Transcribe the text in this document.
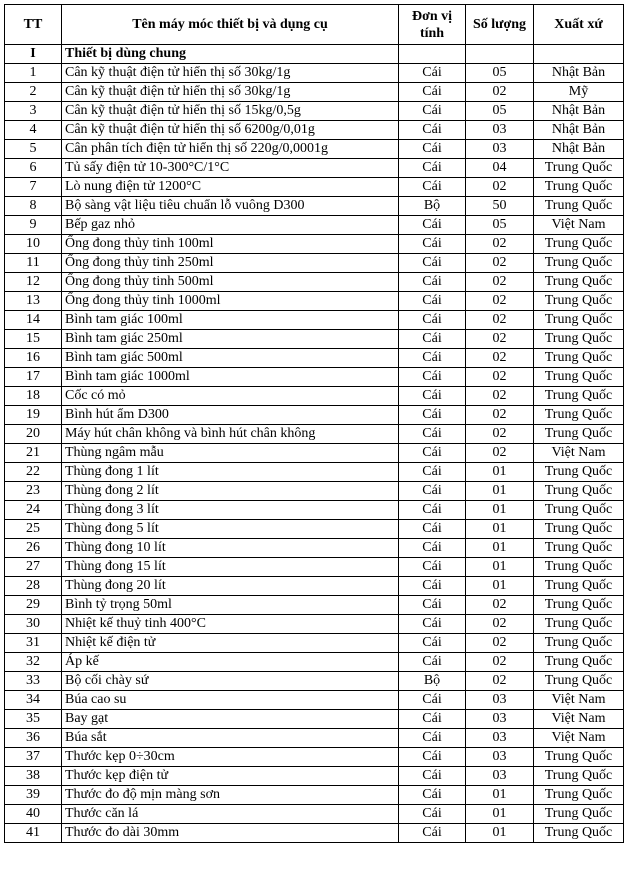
TT	Tên máy móc thiết bị và dụng cụ	Đơn vị tính	Số lượng	Xuất xứ
I	Thiết bị dùng chung			
1	Cân kỹ thuật điện tử hiển thị số 30kg/1g	Cái	05	Nhật Bản
2	Cân kỹ thuật điện tử hiển thị số 30kg/1g	Cái	02	Mỹ
3	Cân kỹ thuật điện tử hiển thị số 15kg/0,5g	Cái	05	Nhật Bản
4	Cân kỹ thuật điện tử hiển thị số 6200g/0,01g	Cái	03	Nhật Bản
5	Cân phân tích điện tử hiển thị số 220g/0,0001g	Cái	03	Nhật Bản
6	Tủ sấy điện tử 10-300°C/1°C	Cái	04	Trung Quốc
7	Lò nung điện tử 1200°C	Cái	02	Trung Quốc
8	Bộ sàng vật liệu tiêu chuẩn lỗ vuông D300	Bộ	50	Trung Quốc
9	Bếp gaz nhỏ	Cái	05	Việt Nam
10	Ống đong thủy tinh 100ml	Cái	02	Trung Quốc
11	Ống đong thủy tinh 250ml	Cái	02	Trung Quốc
12	Ống đong thủy tinh 500ml	Cái	02	Trung Quốc
13	Ống đong thủy tinh 1000ml	Cái	02	Trung Quốc
14	Bình tam giác 100ml	Cái	02	Trung Quốc
15	Bình tam giác 250ml	Cái	02	Trung Quốc
16	Bình tam giác 500ml	Cái	02	Trung Quốc
17	Bình tam giác 1000ml	Cái	02	Trung Quốc
18	Cốc có mỏ	Cái	02	Trung Quốc
19	Bình hút ẩm D300	Cái	02	Trung Quốc
20	Máy hút chân không và bình hút chân không	Cái	02	Trung Quốc
21	Thùng ngâm mẫu	Cái	02	Việt Nam
22	Thùng đong 1 lít	Cái	01	Trung Quốc
23	Thùng đong 2 lít	Cái	01	Trung Quốc
24	Thùng đong 3 lít	Cái	01	Trung Quốc
25	Thùng đong 5 lít	Cái	01	Trung Quốc
26	Thùng đong 10 lít	Cái	01	Trung Quốc
27	Thùng đong 15 lít	Cái	01	Trung Quốc
28	Thùng đong 20 lít	Cái	01	Trung Quốc
29	Bình tỷ trọng 50ml	Cái	02	Trung Quốc
30	Nhiệt kế thuỷ tinh 400°C	Cái	02	Trung Quốc
31	Nhiệt kế điện tử	Cái	02	Trung Quốc
32	Áp kế	Cái	02	Trung Quốc
33	Bộ cối chày sứ	Bộ	02	Trung Quốc
34	Búa cao su	Cái	03	Việt Nam
35	Bay gạt	Cái	03	Việt Nam
36	Búa sắt	Cái	03	Việt Nam
37	Thước kẹp 0÷30cm	Cái	03	Trung Quốc
38	Thước kẹp điện tử	Cái	03	Trung Quốc
39	Thước đo độ mịn màng sơn	Cái	01	Trung Quốc
40	Thước căn lá	Cái	01	Trung Quốc
41	Thước đo dài 30mm	Cái	01	Trung Quốc
